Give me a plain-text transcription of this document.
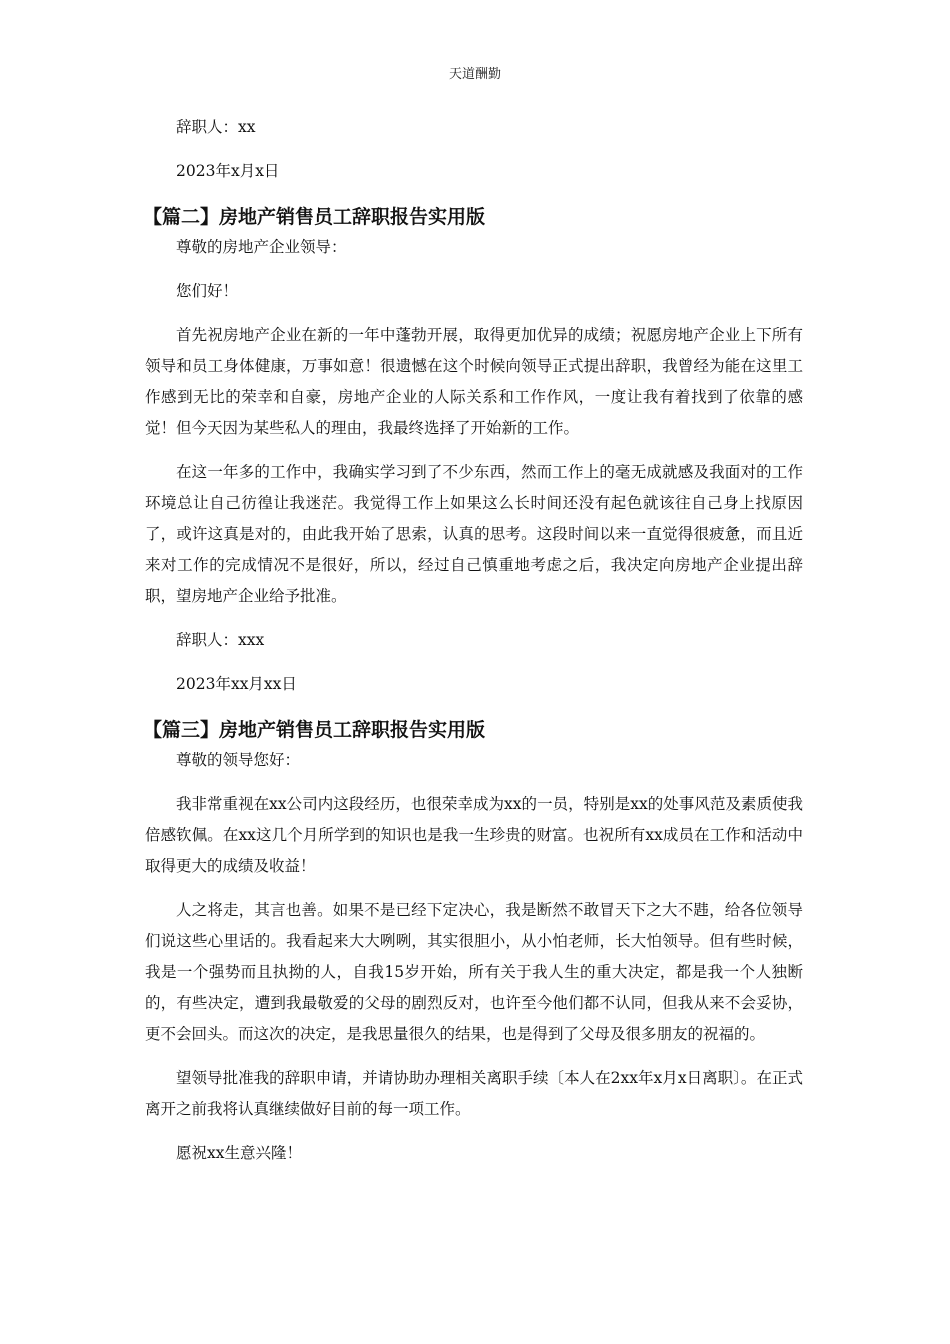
天道酬勤

辞职人：xx

2023年x月x日

【篇二】房地产销售员工辞职报告实用版

尊敬的房地产企业领导：

您们好！

首先祝房地产企业在新的一年中蓬勃开展，取得更加优异的成绩；祝愿房地产企业上下所有领导和员工身体健康，万事如意！很遗憾在这个时候向领导正式提出辞职，我曾经为能在这里工作感到无比的荣幸和自豪，房地产企业的人际关系和工作作风，一度让我有着找到了依靠的感觉！但今天因为某些私人的理由，我最终选择了开始新的工作。

在这一年多的工作中，我确实学习到了不少东西，然而工作上的毫无成就感及我面对的工作环境总让自己彷徨让我迷茫。我觉得工作上如果这么长时间还没有起色就该往自己身上找原因了，或许这真是对的，由此我开始了思索，认真的思考。这段时间以来一直觉得很疲惫，而且近来对工作的完成情况不是很好，所以，经过自己慎重地考虑之后，我决定向房地产企业提出辞职，望房地产企业给予批准。

辞职人：xxx

2023年xx月xx日

【篇三】房地产销售员工辞职报告实用版

尊敬的领导您好：

我非常重视在xx公司内这段经历，也很荣幸成为xx的一员，特别是xx的处事风范及素质使我倍感钦佩。在xx这几个月所学到的知识也是我一生珍贵的财富。也祝所有xx成员在工作和活动中取得更大的成绩及收益！

人之将走，其言也善。如果不是已经下定决心，我是断然不敢冒天下之大不韪，给各位领导们说这些心里话的。我看起来大大咧咧，其实很胆小，从小怕老师，长大怕领导。但有些时候，我是一个强势而且执拗的人，自我15岁开始，所有关于我人生的重大决定，都是我一个人独断的，有些决定，遭到我最敬爱的父母的剧烈反对，也许至今他们都不认同，但我从来不会妥协，更不会回头。而这次的决定，是我思量很久的结果，也是得到了父母及很多朋友的祝福的。

望领导批准我的辞职申请，并请协助办理相关离职手续〔本人在2xx年x月x日离职〕。在正式离开之前我将认真继续做好目前的每一项工作。

愿祝xx生意兴隆！
